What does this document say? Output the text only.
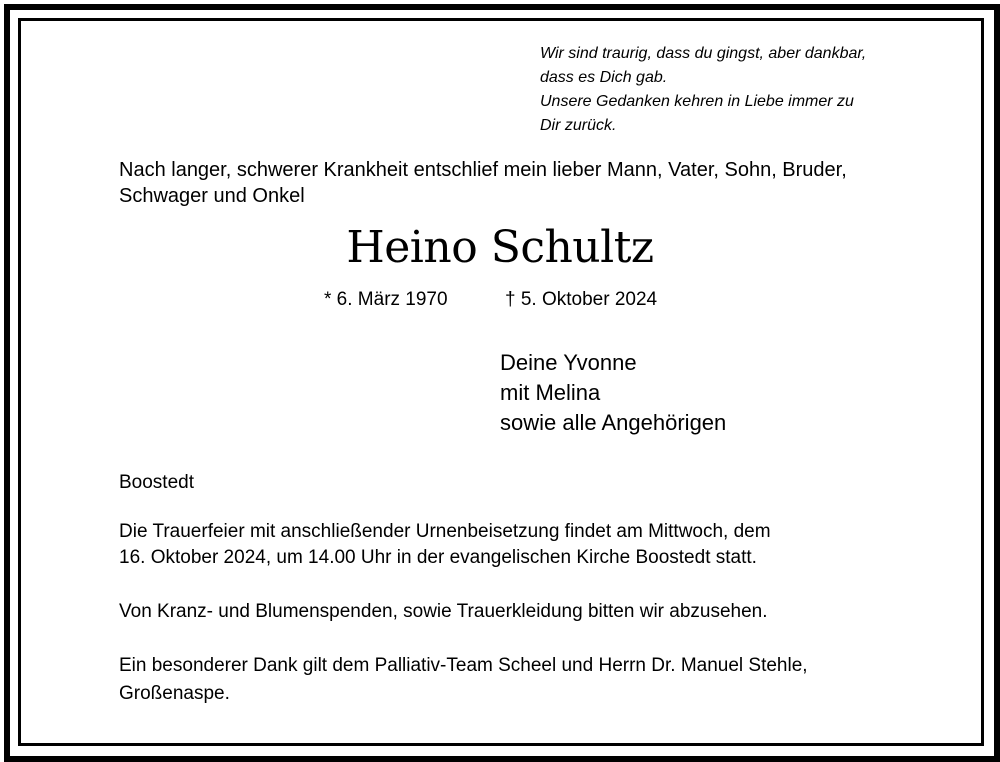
Wir sind traurig, dass du gingst, aber dankbar,
dass es Dich gab.
Unsere Gedanken kehren in Liebe immer zu
Dir zurück.
Nach langer, schwerer Krankheit entschlief mein lieber Mann, Vater, Sohn, Bruder,
Schwager und Onkel
Heino Schultz
* 6. März 1970	† 5. Oktober 2024
Deine Yvonne
mit Melina
sowie alle Angehörigen
Boostedt
Die Trauerfeier mit anschließender Urnenbeisetzung findet am Mittwoch, dem
16. Oktober 2024, um 14.00 Uhr in der evangelischen Kirche Boostedt statt.
Von Kranz- und Blumenspenden, sowie Trauerkleidung bitten wir abzusehen.
Ein besonderer Dank gilt dem Palliativ-Team Scheel und Herrn Dr. Manuel Stehle,
Großenaspe.
